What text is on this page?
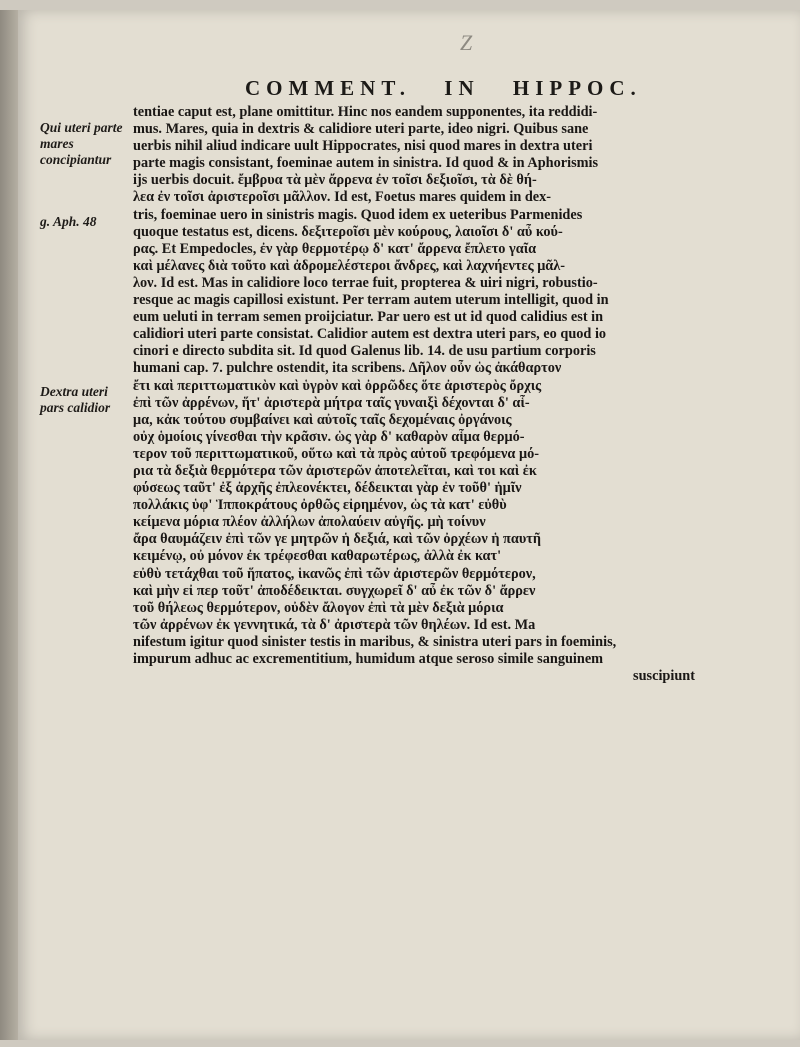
Z
COMMENT. IN HIPPOC.
Qui uteri parte mares concipiantur
g. Aph. 48
Dextra uteri pars calidior
tentiae caput est, plane omittitur. Hinc nos eandem supponentes, ita reddidi-
mus. Mares, quia in dextris & calidiore uteri parte, ideo nigri. Quibus sane
uerbis nihil aliud indicare uult Hippocrates, nisi quod mares in dextra uteri
parte magis consistant, foeminae autem in sinistra. Id quod & in Aphorismis
ijs uerbis docuit. ἔμβρυα τὰ μὲν ἄρρενα ἐν τοῖσι δεξιοῖσι, τὰ δὲ θή-
λεα ἐν τοῖσι ἀριστεροῖσι μᾶλλον. Id est, Foetus mares quidem in dex-
tris, foeminae uero in sinistris magis. Quod idem ex ueteribus Parmenides
quoque testatus est, dicens. δεξιτεροῖσι μὲν κούρους, λαιοῖσι δ' αὖ κού-
ρας. Et Empedocles, ἐν γὰρ θερμοτέρῳ δ' κατ' ἄρρενα ἔπλετο γαῖα
καὶ μέλανες διὰ τοῦτο καὶ ἀδρομελέστεροι ἄνδρες, καὶ λαχνήεντες μᾶλ-
λον. Id est. Mas in calidiore loco terrae fuit, propterea & uiri nigri, robustio-
resque ac magis capillosi existunt. Per terram autem uterum intelligit, quod in
eum ueluti in terram semen proijciatur. Par uero est ut id quod calidius est in
calidiori uteri parte consistat. Calidior autem est dextra uteri pars, eo quod io
cinori e directo subdita sit. Id quod Galenus lib. 14. de usu partium corporis
humani cap. 7. pulchre ostendit, ita scribens. Δῆλον οὖν ὡς ἀκάθαρτον
ἔτι καὶ περιττωματικὸν καὶ ὑγρὸν καὶ ὀρρῶδες ὅτε ἀριστερὸς ὄρχις
ἐπὶ τῶν ἀρρένων, ἥτ' ἀριστερὰ μήτρα ταῖς γυναιξὶ δέχονται δ' αἷ-
μα, κἀκ τούτου συμβαίνει καὶ αὐτοῖς ταῖς δεχομέναις ὀργάνοις
οὐχ ὁμοίοις γίνεσθαι τὴν κρᾶσιν. ὡς γὰρ δ' καθαρὸν αἷμα θερμό-
τερον τοῦ περιττωματικοῦ, οὕτω καὶ τὰ πρὸς αὐτοῦ τρεφόμενα μό-
ρια τὰ δεξιὰ θερμότερα τῶν ἀριστερῶν ἀποτελεῖται, καὶ τοι καὶ ἐκ
φύσεως ταῦτ' ἐξ ἀρχῆς ἐπλεονέκτει, δέδεικται γὰρ ἐν τοῦθ' ἡμῖν
πολλάκις ὑφ' Ἱπποκράτους ὀρθῶς εἰρημένον, ὡς τὰ κατ' εὐθὺ
κείμενα μόρια πλέον ἀλλήλων ἀπολαύειν αὐγῆς. μὴ τοίνυν
ἄρα θαυμάζειν ἐπὶ τῶν γε μητρῶν ἡ δεξιά, καὶ τῶν ὀρχέων ἡ παυτῆ
κειμένῳ, οὐ μόνον ἐκ τρέφεσθαι καθαρωτέρως, ἀλλὰ ἐκ κατ'
εὐθὺ τετάχθαι τοῦ ἥπατος, ἱκανῶς ἐπὶ τῶν ἀριστερῶν θερμότερον,
καὶ μὴν εἰ περ τοῦτ' ἀποδέδεικται. συγχωρεῖ δ' αὖ ἐκ τῶν δ' ἄρρεν
τοῦ θήλεως θερμότερον, οὐδὲν ἄλογον ἐπὶ τὰ μὲν δεξιὰ μόρια
τῶν ἀρρένων ἐκ γεννητικά, τὰ δ' ἀριστερὰ τῶν θηλέων. Id est. Ma
nifestum igitur quod sinister testis in maribus, & sinistra uteri pars in foeminis,
impurum adhuc ac excrementitium, humidum atque seroso simile sanguinem
suscipiunt
